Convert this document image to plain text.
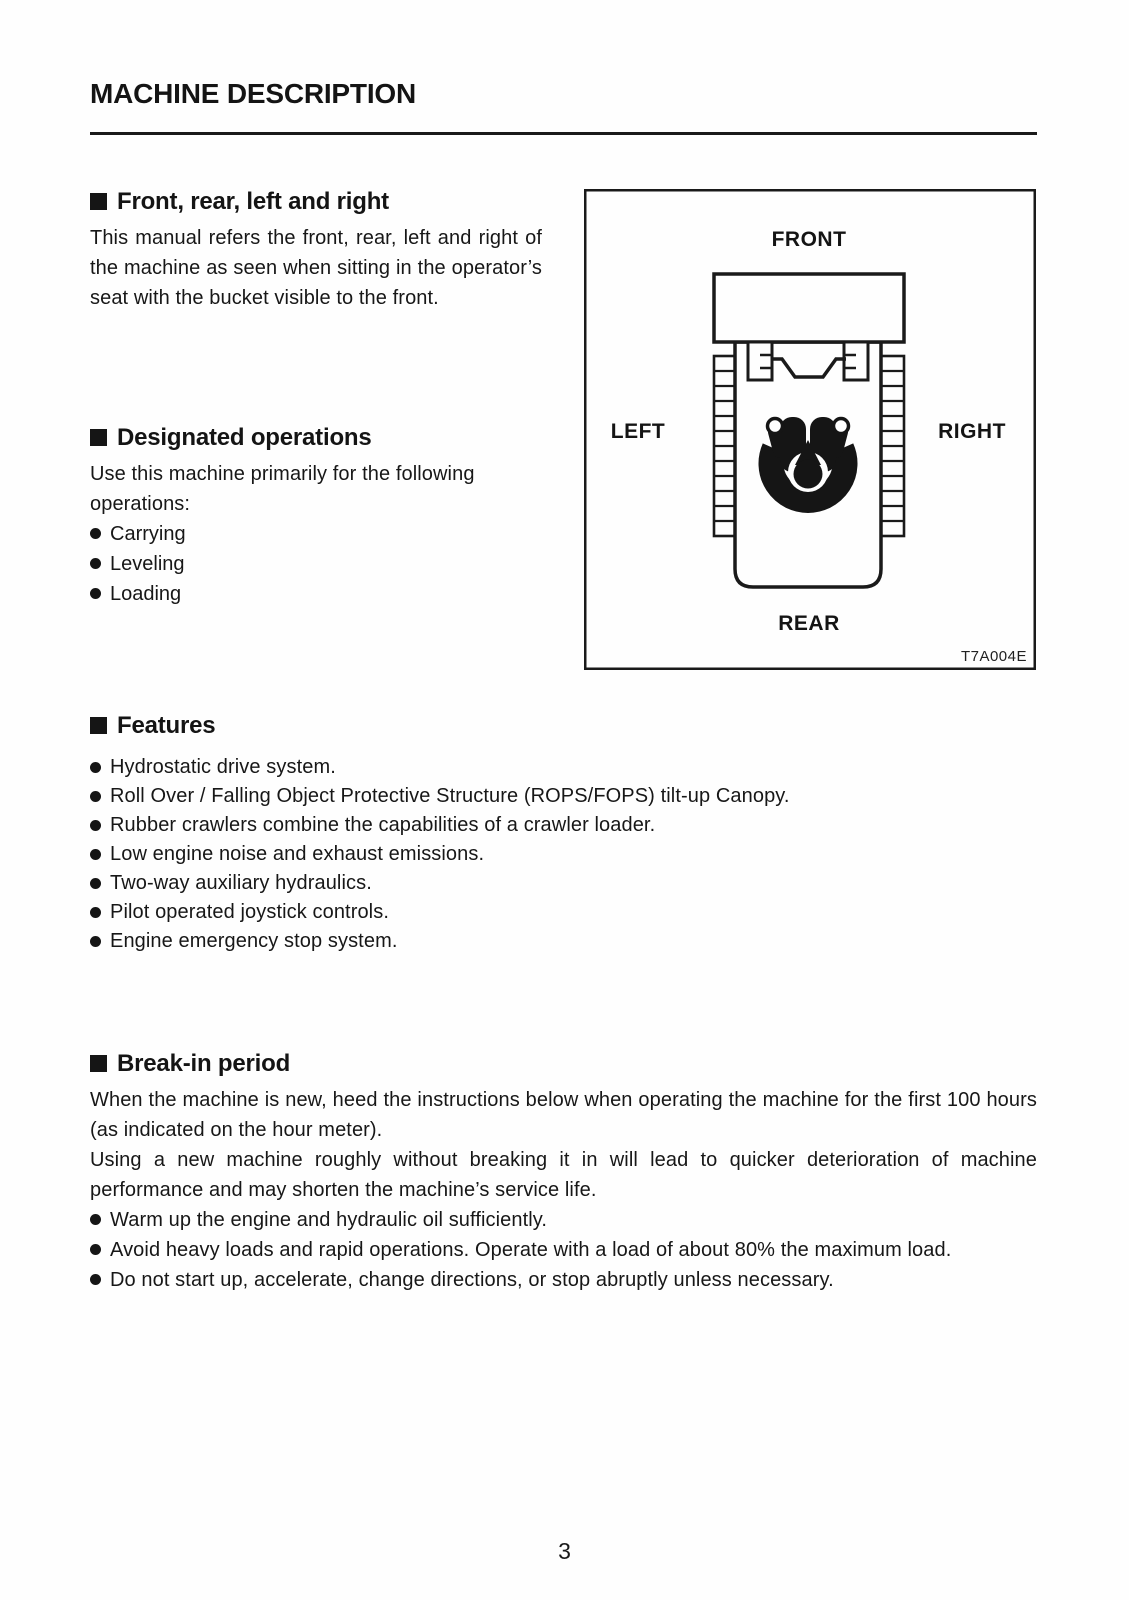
MACHINE DESCRIPTION
Front, rear, left and right

This manual refers the front, rear, left and right of the machine as seen when sitting in the operator’s seat with the bucket visible to the front.

FRONT
LEFT	RIGHT
REAR
T7A004E
Designated operations

Use this machine primarily for the following operations:

Carrying
Leveling
Loading
Features
Hydrostatic drive system.
Roll Over / Falling Object Protective Structure (ROPS/FOPS) tilt-up Canopy.
Rubber crawlers combine the capabilities of a crawler loader.
Low engine noise and exhaust emissions.
Two-way auxiliary hydraulics.
Pilot operated joystick controls.
Engine emergency stop system.
Break-in period

When the machine is new, heed the instructions below when operating the machine for the first 100 hours (as indicated on the hour meter).

Using a new machine roughly without breaking it in will lead to quicker deterioration of machine performance and may shorten the machine’s service life.

Warm up the engine and hydraulic oil sufficiently.
Avoid heavy loads and rapid operations. Operate with a load of about 80% the maximum load.
Do not start up, accelerate, change directions, or stop abruptly unless necessary.
3
